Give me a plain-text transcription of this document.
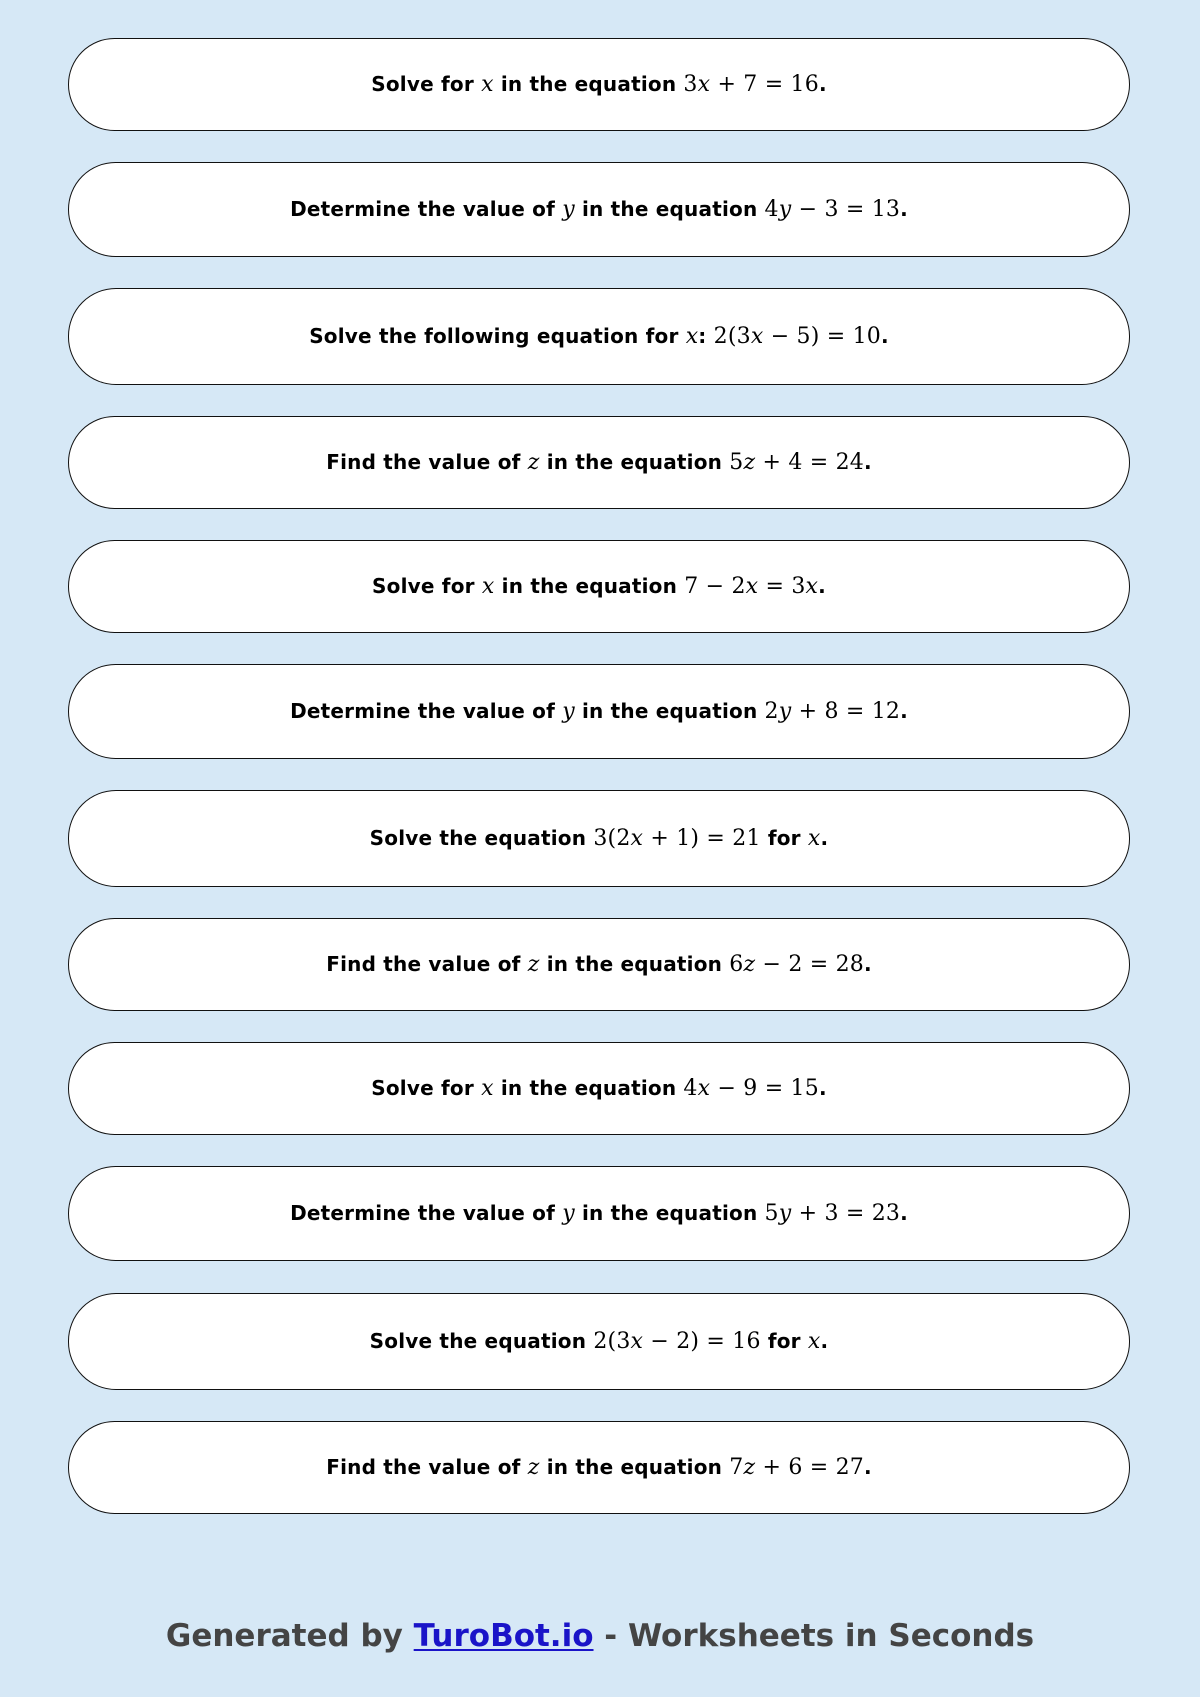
Solve for x in the equation 3x + 7 = 16.
Determine the value of y in the equation 4y − 3 = 13.
Solve the following equation for x: 2(3x − 5) = 10.
Find the value of z in the equation 5z + 4 = 24.
Solve for x in the equation 7 − 2x = 3x.
Determine the value of y in the equation 2y + 8 = 12.
Solve the equation 3(2x + 1) = 21 for x.
Find the value of z in the equation 6z − 2 = 28.
Solve for x in the equation 4x − 9 = 15.
Determine the value of y in the equation 5y + 3 = 23.
Solve the equation 2(3x − 2) = 16 for x.
Find the value of z in the equation 7z + 6 = 27.
Generated by TuroBot.io - Worksheets in Seconds
